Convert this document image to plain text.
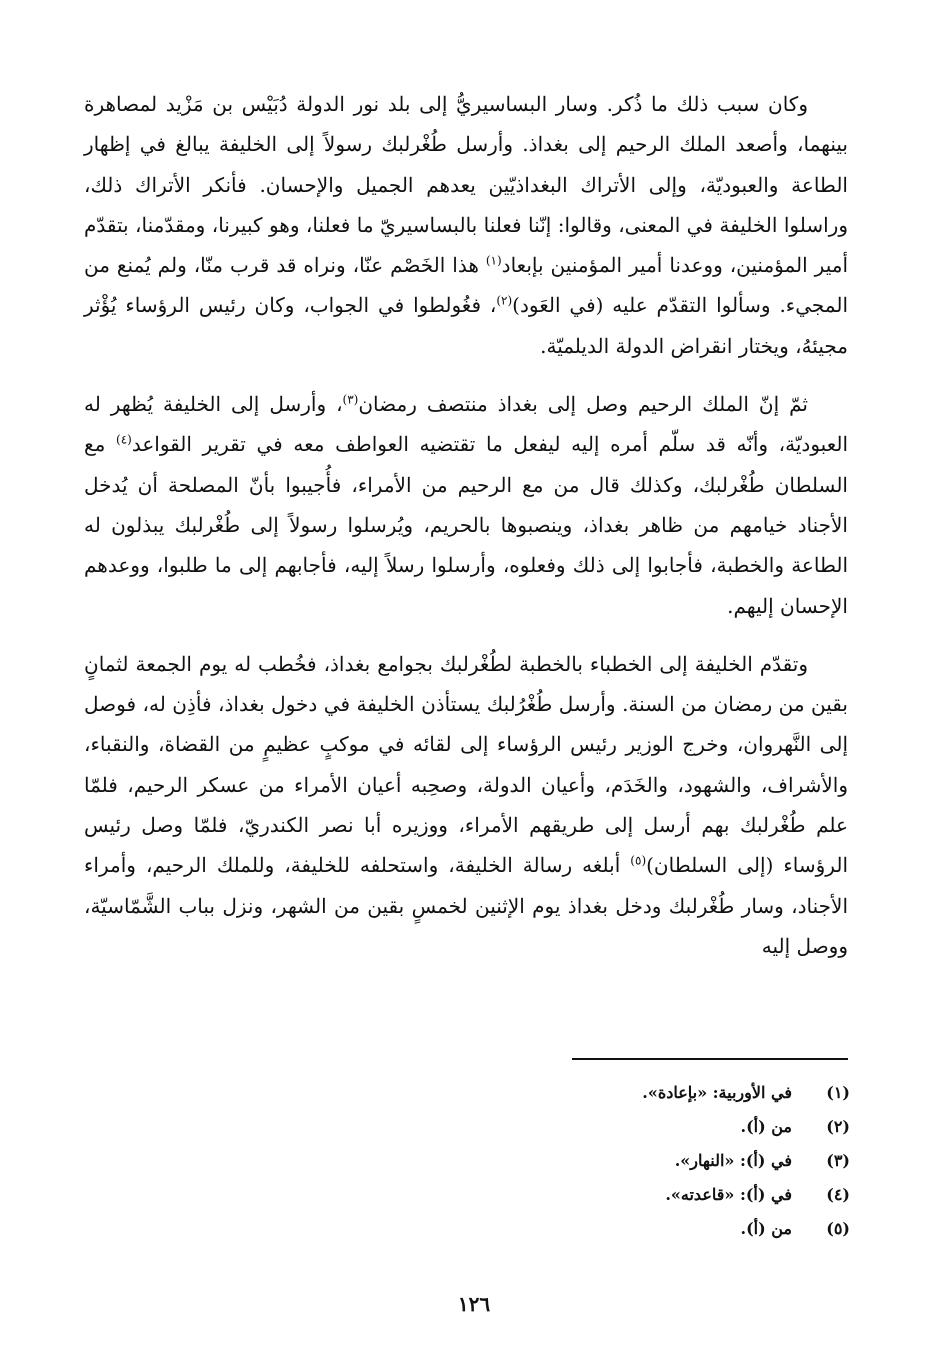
وكان سبب ذلك ما ذُكر. وسار البساسيريُّ إلى بلد نور الدولة دُبَيْس بن مَزْيد لمصاهرة بينهما، وأصعد الملك الرحيم إلى بغداذ. وأرسل طُغْرلبك رسولاً إلى الخليفة يبالغ في إظهار الطاعة والعبوديّة، وإلى الأتراك البغداذيّين يعدهم الجميل والإحسان. فأنكر الأتراك ذلك، وراسلوا الخليفة في المعنى، وقالوا: إنّنا فعلنا بالبساسيريّ ما فعلنا، وهو كبيرنا، ومقدّمنا، بتقدّم أمير المؤمنين، ووعدنا أمير المؤمنين بإبعاد$^{(١)}$ هذا الخَصْم عنّا، ونراه قد قرب منّا، ولم يُمنع من المجيء. وسألوا التقدّم عليه (في العَود)$^{(٢)}$، فغُولطوا في الجواب، وكان رئيس الرؤساء يُؤْثر مجيئهُ، ويختار انقراض الدولة الديلميّة.

ثمّ إنّ الملك الرحيم وصل إلى بغداذ منتصف رمضان$^{(٣)}$، وأرسل إلى الخليفة يُظهر له العبوديّة، وأنّه قد سلّم أمره إليه ليفعل ما تقتضيه العواطف معه في تقرير القواعد$^{(٤)}$ مع السلطان طُغْرلبك، وكذلك قال من مع الرحيم من الأمراء، فأُجيبوا بأنّ المصلحة أن يُدخل الأجناد خيامهم من ظاهر بغداذ، وينصبوها بالحريم، ويُرسلوا رسولاً إلى طُغْرلبك يبذلون له الطاعة والخطبة، فأجابوا إلى ذلك وفعلوه، وأرسلوا رسلاً إليه، فأجابهم إلى ما طلبوا، ووعدهم الإحسان إليهم.

وتقدّم الخليفة إلى الخطباء بالخطبة لطُغْرلبك بجوامع بغداذ، فخُطب له يوم الجمعة لثمانٍ بقين من رمضان من السنة. وأرسل طُغْرُلبك يستأذن الخليفة في دخول بغداذ، فأذِن له، فوصل إلى النَّهروان، وخرج الوزير رئيس الرؤساء إلى لقائه في موكبٍ عظيمٍ من القضاة، والنقباء، والأشراف، والشهود، والخَدَم، وأعيان الدولة، وصحِبه أعيان الأمراء من عسكر الرحيم، فلمّا علم طُغْرلبك بهم أرسل إلى طريقهم الأمراء، ووزيره أبا نصر الكندريّ، فلمّا وصل رئيس الرؤساء (إلى السلطان)$^{(٥)}$ أبلغه رسالة الخليفة، واستحلفه للخليفة، وللملك الرحيم، وأمراء الأجناد، وسار طُغْرلبك ودخل بغداذ يوم الإثنين لخمسٍ بقين من الشهر، ونزل بباب الشَّمّاسيّة، ووصل إليه

(١)
في الأوربية: «بإعادة».
(٢)
من (أ).
(٣)
في (أ): «النهار».
(٤)
في (أ): «قاعدته».
(٥)
من (أ).
١٢٦
